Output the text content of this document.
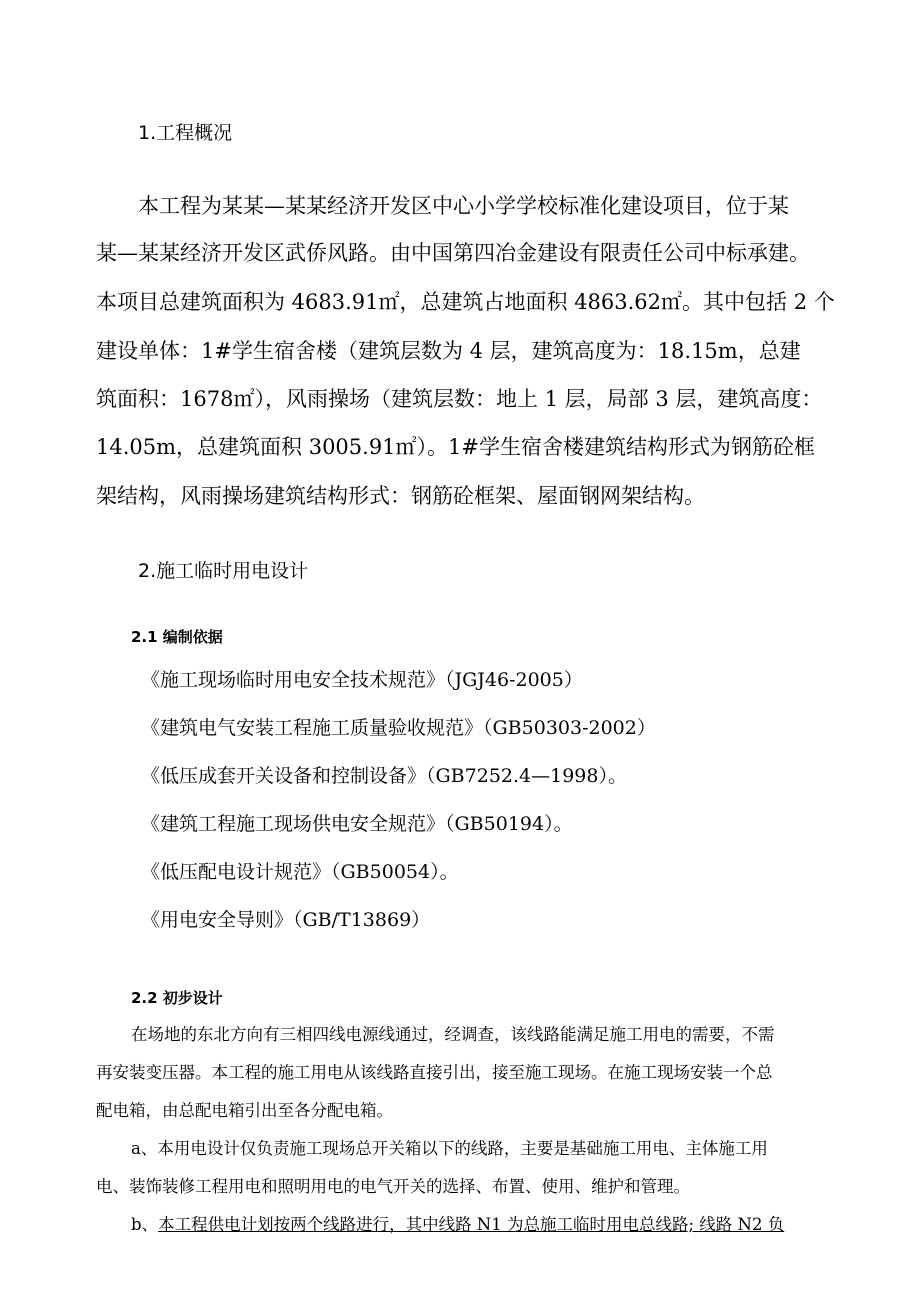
1.工程概况
本工程为某某—某某经济开发区中心小学学校标准化建设项目，位于某
某—某某经济开发区武侨风路。由中国第四冶金建设有限责任公司中标承建。
本项目总建筑面积为 4683.91㎡，总建筑占地面积 4863.62㎡。其中包括 2 个
建设单体：1#学生宿舍楼（建筑层数为 4 层，建筑高度为：18.15m，总建
筑面积：1678㎡），风雨操场（建筑层数：地上 1 层，局部 3 层，建筑高度：
14.05m，总建筑面积 3005.91㎡）。1#学生宿舍楼建筑结构形式为钢筋砼框
架结构，风雨操场建筑结构形式：钢筋砼框架、屋面钢网架结构。
2.施工临时用电设计
2.1 编制依据
《施工现场临时用电安全技术规范》（JGJ46-2005）
《建筑电气安装工程施工质量验收规范》（GB50303-2002）
《低压成套开关设备和控制设备》（GB7252.4—1998）。
《建筑工程施工现场供电安全规范》（GB50194）。
《低压配电设计规范》（GB50054）。
《用电安全导则》（GB/T13869）
2.2 初步设计
在场地的东北方向有三相四线电源线通过，经调查，该线路能满足施工用电的需要，不需
再安装变压器。本工程的施工用电从该线路直接引出，接至施工现场。在施工现场安装一个总
配电箱，由总配电箱引出至各分配电箱。
a、本用电设计仅负责施工现场总开关箱以下的线路，主要是基础施工用电、主体施工用
电、装饰装修工程用电和照明用电的电气开关的选择、布置、使用、维护和管理。
b、本工程供电计划按两个线路进行，其中线路 N1 为总施工临时用电总线路; 线路 N2 负
